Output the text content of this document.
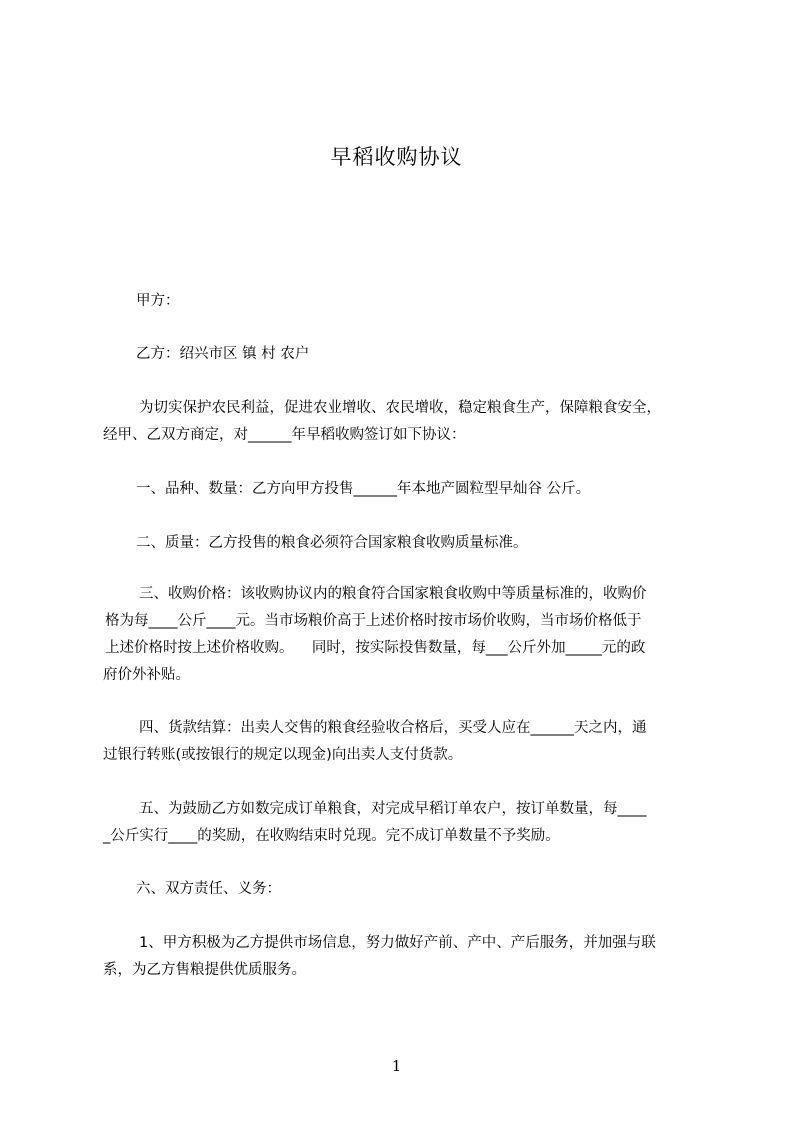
早稻收购协议
甲方：
乙方：绍兴市区 镇 村 农户
为切实保护农民利益，促进农业增收、农民增收，稳定粮食生产，保障粮食安全，
经甲、乙双方商定，对______年早稻收购签订如下协议：
一、品种、数量：乙方向甲方投售______年本地产圆粒型早灿谷 公斤。
二、质量：乙方投售的粮食必须符合国家粮食收购质量标准。
三、收购价格：该收购协议内的粮食符合国家粮食收购中等质量标准的，收购价
格为每____公斤____元。当市场粮价高于上述价格时按市场价收购，当市场价格低于
上述价格时按上述价格收购。    同时，按实际投售数量，每___公斤外加_____元的政
府价外补贴。
四、货款结算：出卖人交售的粮食经验收合格后，买受人应在______天之内，通
过银行转账(或按银行的规定以现金)向出卖人支付货款。
五、为鼓励乙方如数完成订单粮食，对完成早稻订单农户，按订单数量，每____
_公斤实行____的奖励，在收购结束时兑现。完不成订单数量不予奖励。
六、双方责任、义务：
1、甲方积极为乙方提供市场信息，努力做好产前、产中、产后服务，并加强与联
系，为乙方售粮提供优质服务。
1
